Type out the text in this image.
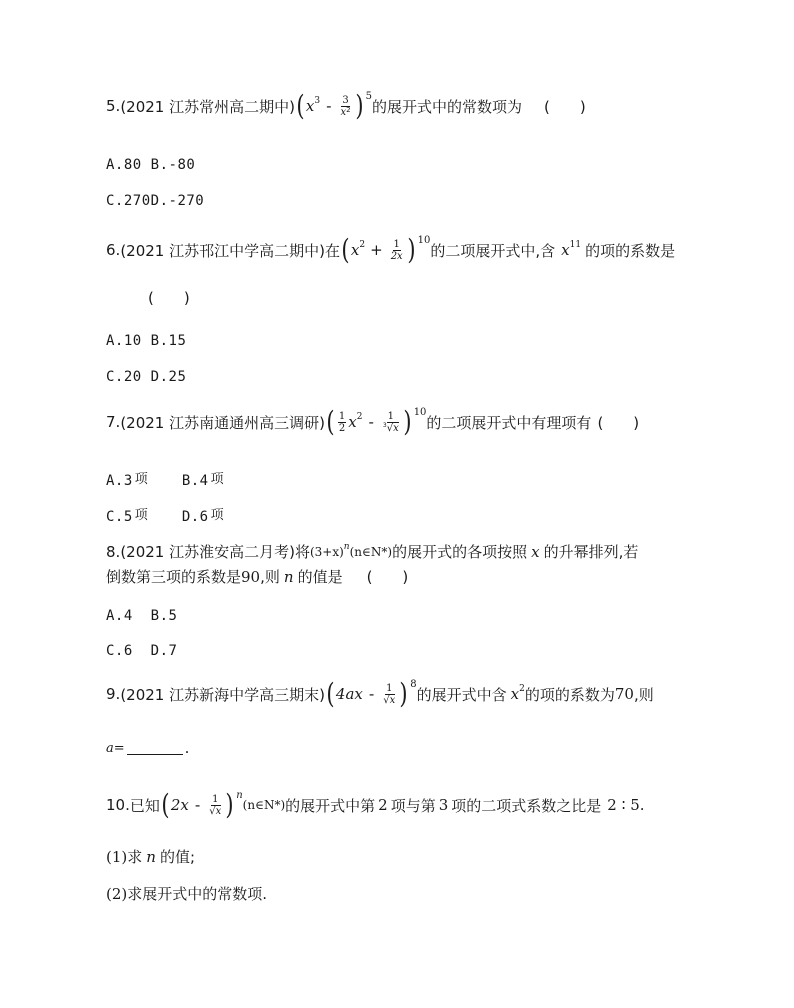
5. (2021 江苏常州高二期中) ( x $3 - \frac{3}{x^2} )^5$
的展开式中的常数项为 (　　)
A.80
B.-80
C.270 D.-270
6. (2021 江苏邗江中学高二期中)在 ( x $2 + \frac{1}{2x} )^{10}$
的二项展开式中,含 x 11 的项的系数是
(　　)
A.10
B.15
C.20
D.25
7. (2021 江苏南通通州高三调研) ( $\frac{1}{2}$ x $2 - \frac{1}{^3√x} )^{10}$
的二项展开式中有理项有 (　　)
A.3 项 B.4 项
C.5 项 D.6 项
8. (2021 江苏淮安高二月考)将 (3+x) n (n∈N*) 的展开式的各项按照 x 的升幂排列,若
倒数第三项的系数是 90 ,则 n 的值是 (　　)
A.4
B.5
C.6
D.7
9. (2021 江苏新海中学高三期末) ( $4ax - \frac{1}{√x} )^8$
的展开式中含 x 2 的项的系数为 70 ,则
a=	.
10. 已知 ( $2x - \frac{1}{√x} )^n$
(n∈N*) 的展开式中第 2 项与第 3 项的二项式系数之比是 2 ∶ 5.
(1) 求 n 的值;
(2) 求展开式中的常数项.
